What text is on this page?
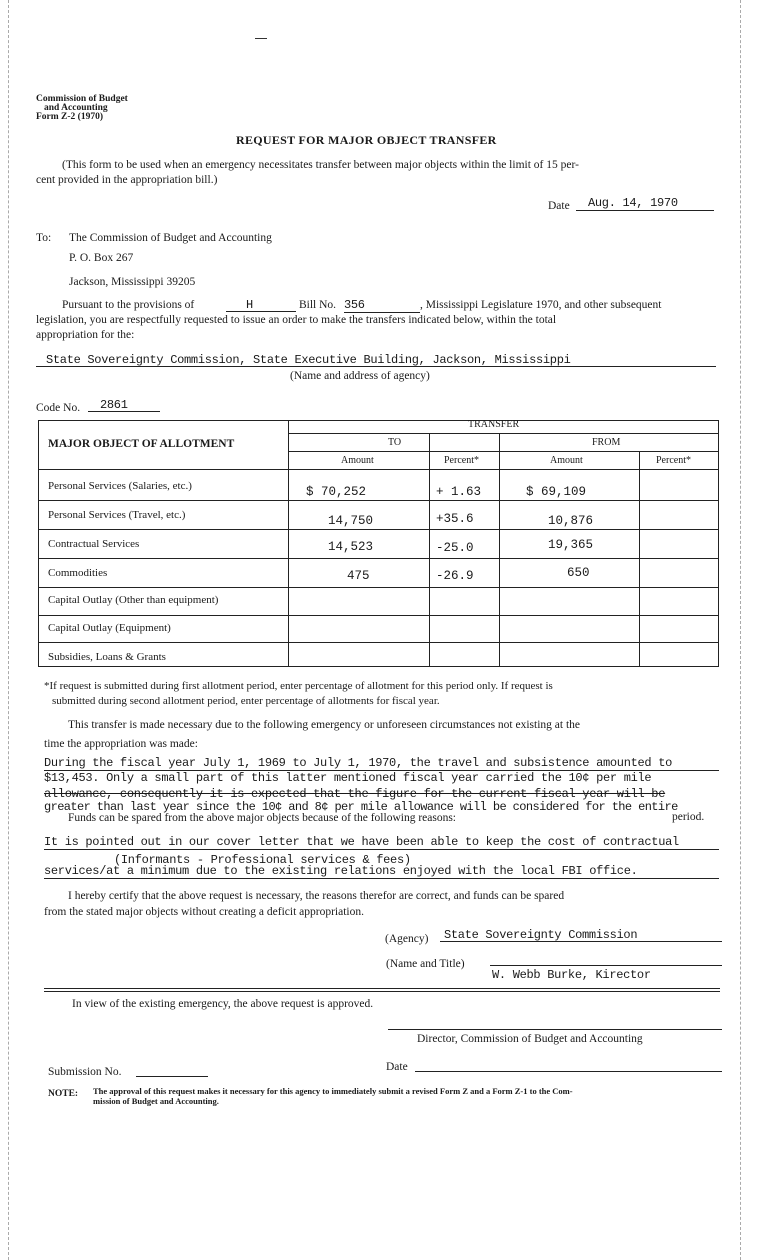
Commission of Budget
and Accounting
Form Z-2 (1970)
REQUEST FOR MAJOR OBJECT TRANSFER
(This form to be used when an emergency necessitates transfer between major objects within the limit of 15 per-
cent provided in the appropriation bill.)
Date	Aug. 14, 1970
To: The Commission of Budget and Accounting
P. O. Box 267
Jackson, Mississippi 39205
Pursuant to the provisions of	H	Bill No. 356	, Mississippi Legislature 1970, and other subsequent
legislation, you are respectfully requested to issue an order to make the transfers indicated below, within the total
appropriation for the:
State Sovereignty Commission, State Executive Building, Jackson, Mississippi
(Name and address of agency)
Code No.	2861
MAJOR OBJECT OF ALLOTMENT
TRANSFER
TO	FROM
Amount	Percent*	Amount	Percent*
Personal Services (Salaries, etc.)	$ 70,252	+ 1.63	$ 69,109
Personal Services (Travel, etc.)	14,750	+35.6	10,876
Contractual Services	14,523	-25.0	19,365
Commodities	475	-26.9	650
Capital Outlay (Other than equipment)
Capital Outlay (Equipment)
Subsidies, Loans & Grants
*If request is submitted during first allotment period, enter percentage of allotment for this period only. If request is
submitted during second allotment period, enter percentage of allotments for fiscal year.
This transfer is made necessary due to the following emergency or unforeseen circumstances not existing at the
time the appropriation was made:
During the fiscal year July 1, 1969 to July 1, 1970, the travel and subsistence amounted to
$13,453. Only a small part of this latter mentioned fiscal year carried the 10¢ per mile
allowance, consequently it is expected that the figure for the current fiscal year will be
greater than last year since the 10¢ and 8¢ per mile allowance will be considered for the entire
Funds can be spared from the above major objects because of the following reasons:	period.
It is pointed out in our cover letter that we have been able to keep the cost of contractual
(Informants - Professional services & fees)
services/at a minimum due to the existing relations enjoyed with the local FBI office.
I hereby certify that the above request is necessary, the reasons therefor are correct, and funds can be spared
from the stated major objects without creating a deficit appropriation.
(Agency)	State Sovereignty Commission
(Name and Title)
W. Webb Burke, Kirector
In view of the existing emergency, the above request is approved.
Director, Commission of Budget and Accounting
Submission No.	Date
NOTE: The approval of this request makes it necessary for this agency to immediately submit a revised Form Z and a Form Z-1 to the Com-
mission of Budget and Accounting.
